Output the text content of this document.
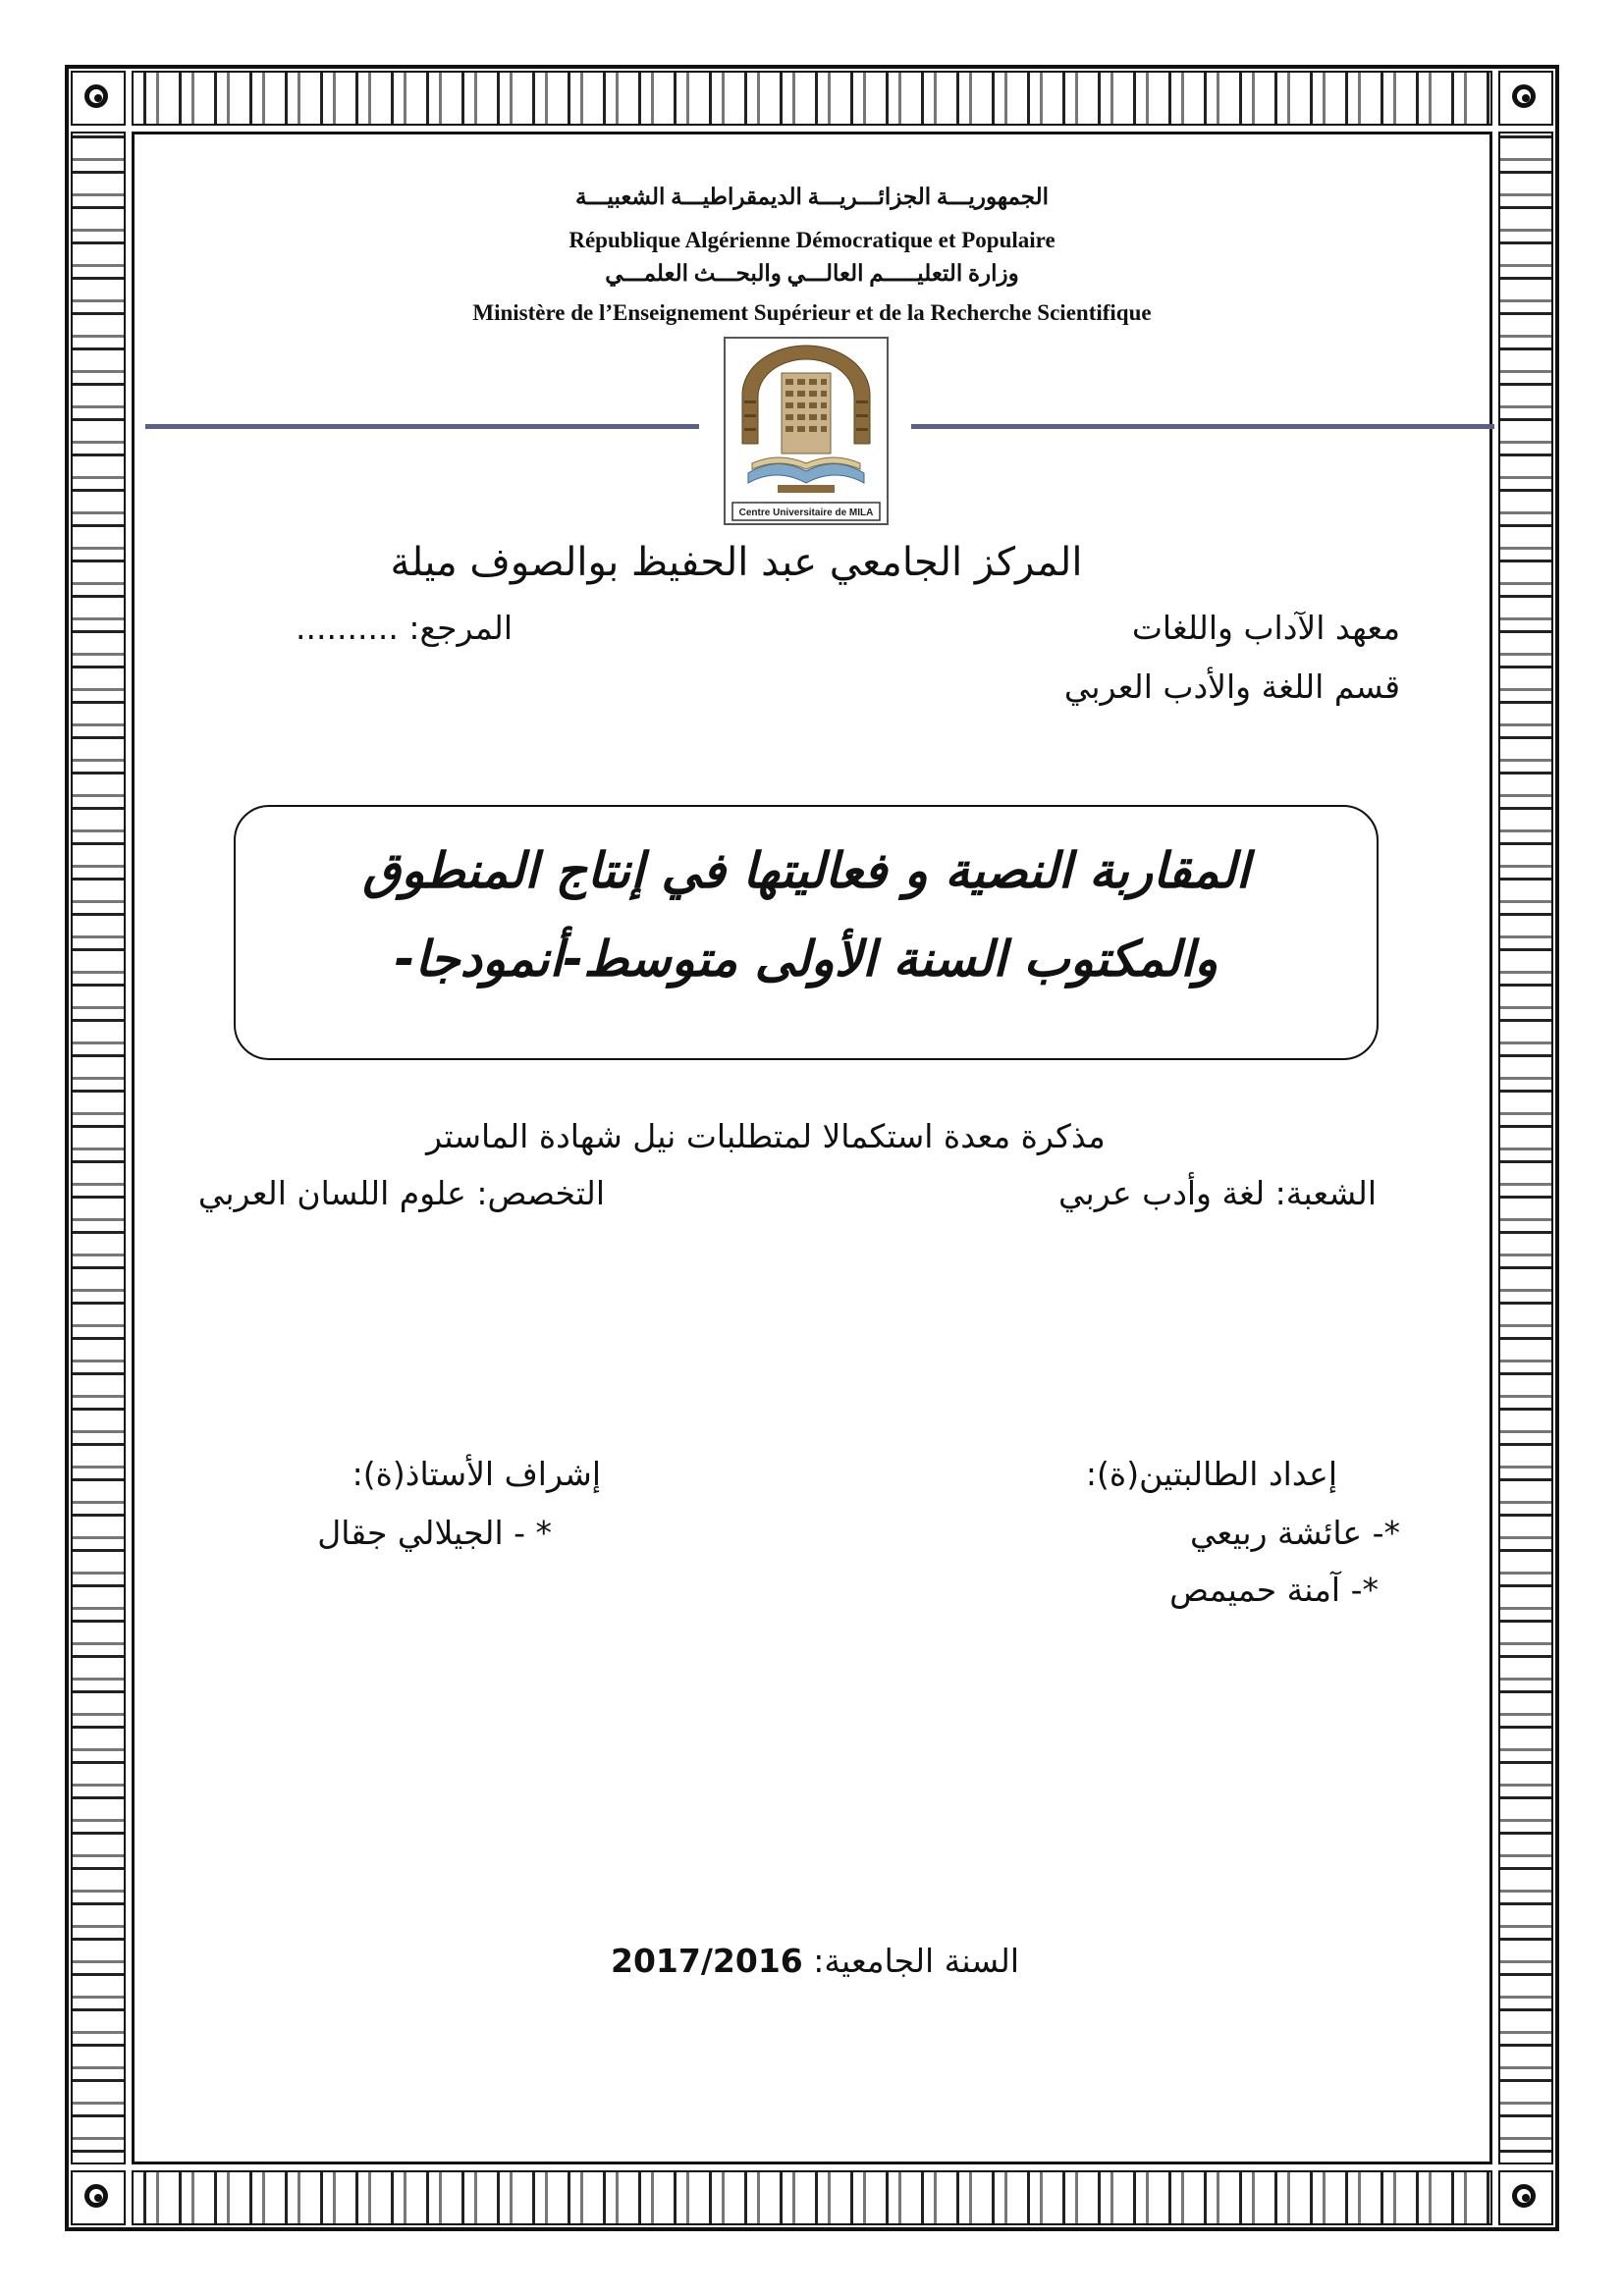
الجمهوريـــة الجزائـــريـــة الديمقراطيـــة الشعبيـــة
République Algérienne Démocratique et Populaire
وزارة التعليـــــم العالـــي والبحـــث العلمـــي
Ministère de l’Enseignement Supérieur et de la Recherche Scientifique
Centre Universitaire de MILA
المركز الجامعي عبد الحفيظ بوالصوف ميلة
معهد الآداب واللغات
المرجع: ..........
قسم اللغة والأدب العربي
المقاربة النصية و فعاليتها في إنتاج المنطوق
والمكتوب السنة الأولى متوسط-أنمودجا-
مذكرة معدة استكمالا لمتطلبات نيل شهادة الماستر
الشعبة: لغة وأدب عربي
التخصص: علوم اللسان العربي
إعداد الطالبتين(ة):
إشراف الأستاذ(ة):
*- عائشة ربيعي
* - الجيلالي جقال
*- آمنة حميمص
السنة الجامعية: 2017/2016
